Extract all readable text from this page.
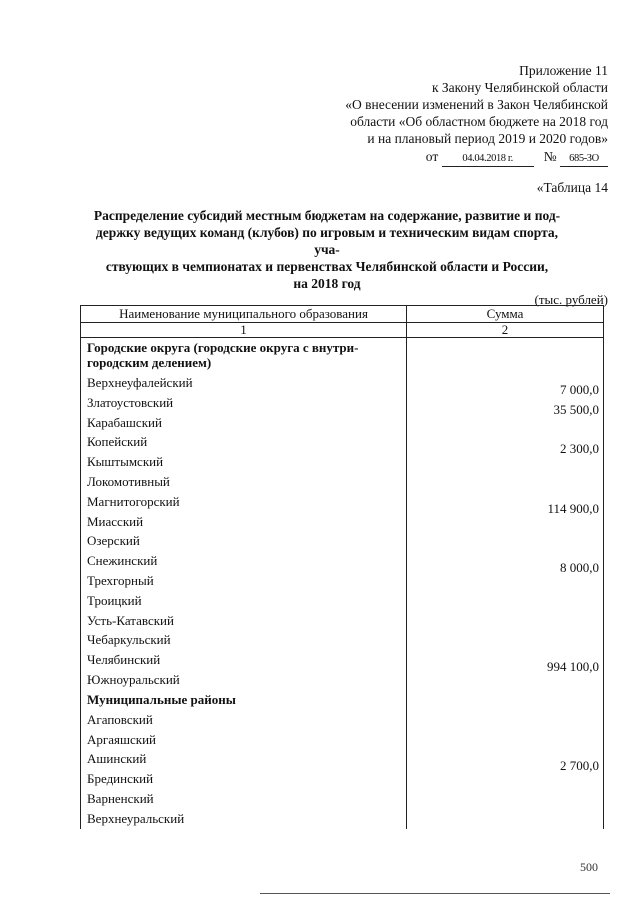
Приложение 11
к Закону Челябинской области
«О внесении изменений в Закон Челябинской
области «Об областном бюджете на 2018 год
и на плановый период 2019 и 2020 годов»
от 04.04.2018 г. № 685-ЗО
«Таблица 14
Распределение субсидий местным бюджетам на содержание, развитие и под-
держку ведущих команд (клубов) по игровым и техническим видам спорта, уча-
ствующих в чемпионатах и первенствах Челябинской области и России,
на 2018 год
(тыс. рублей)
Наименование муниципального образования	Сумма
1	2
Городские округа (городские округа с внутри-городским делением)
Верхнеуфалейский
Златоустовский
Карабашский
Копейский
Кыштымский
Локомотивный
Магнитогорский
Миасский
Озерский
Снежинский
Трехгорный
Троицкий
Усть-Катавский
Чебаркульский
Челябинский
Южноуральский
7 000,0
35 500,0
2 300,0
114 900,0
8 000,0
994 100,0
Муниципальные районы
Агаповский
Аргаяшский
Ашинский
Брединский
Варненский
Верхнеуральский
2 700,0
500
